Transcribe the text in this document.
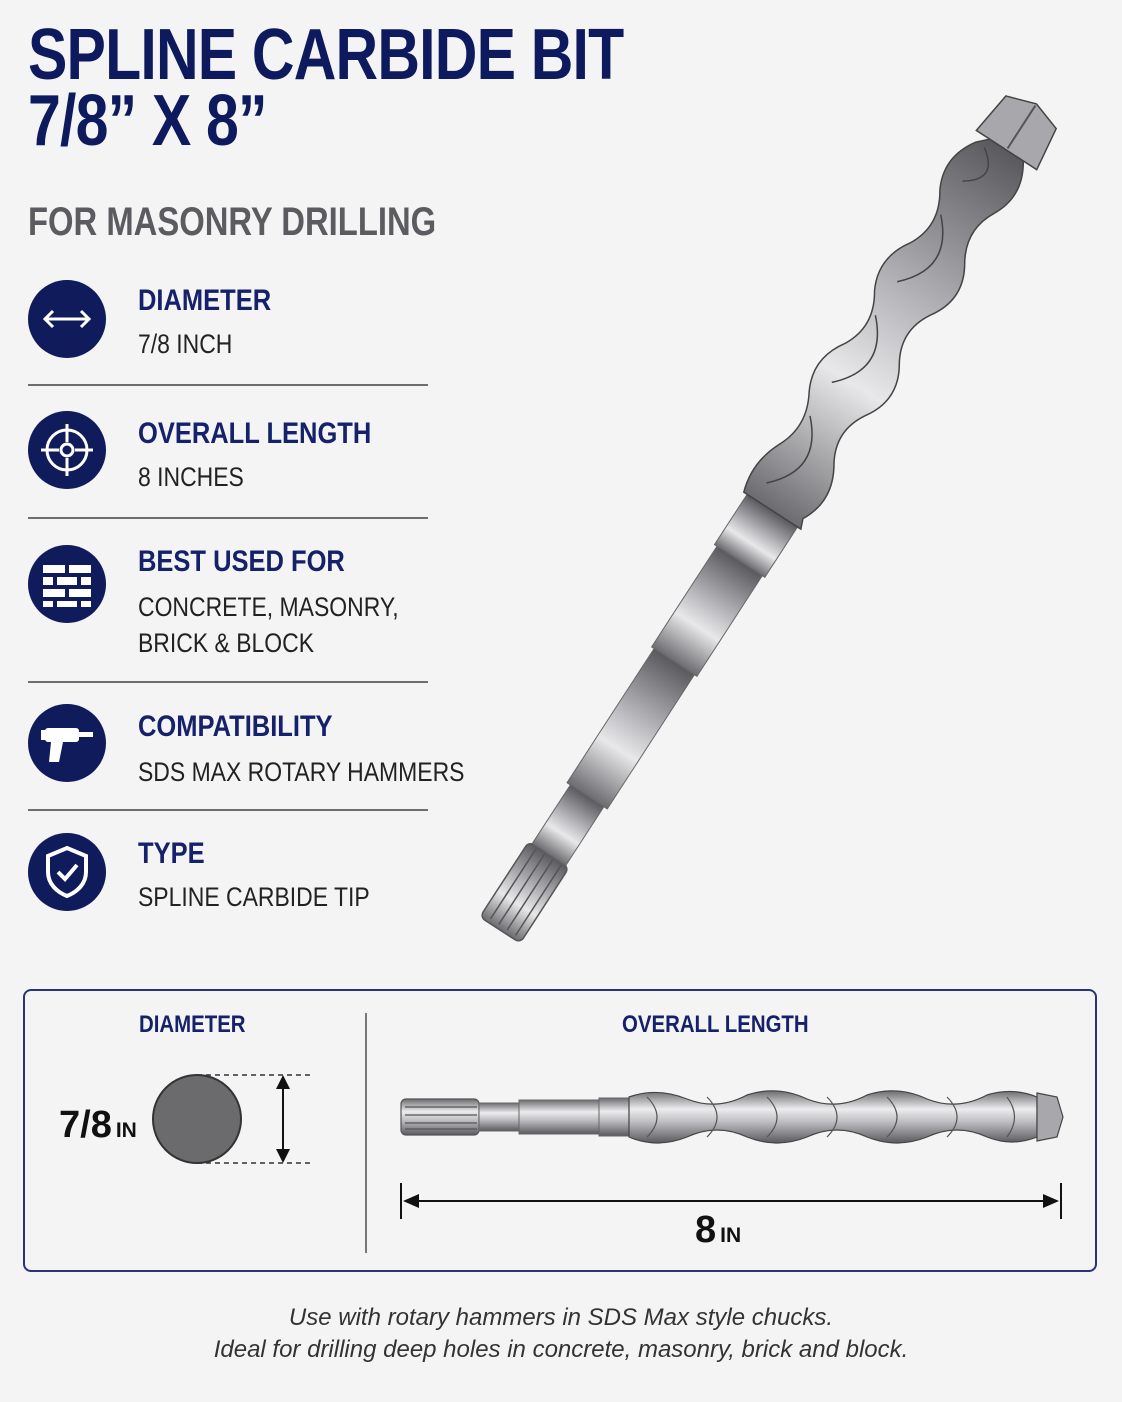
SPLINE CARBIDE BIT
7/8” X 8”
FOR MASONRY DRILLING
DIAMETER
7/8 INCH
OVERALL LENGTH
8 INCHES
BEST USED FOR
CONCRETE, MASONRY,
BRICK & BLOCK
COMPATIBILITY
SDS MAX ROTARY HAMMERS
TYPE
SPLINE CARBIDE TIP
DIAMETER	OVERALL LENGTH
7/8 IN
8 IN
Use with rotary hammers in SDS Max style chucks.
Ideal for drilling deep holes in concrete, masonry, brick and block.
